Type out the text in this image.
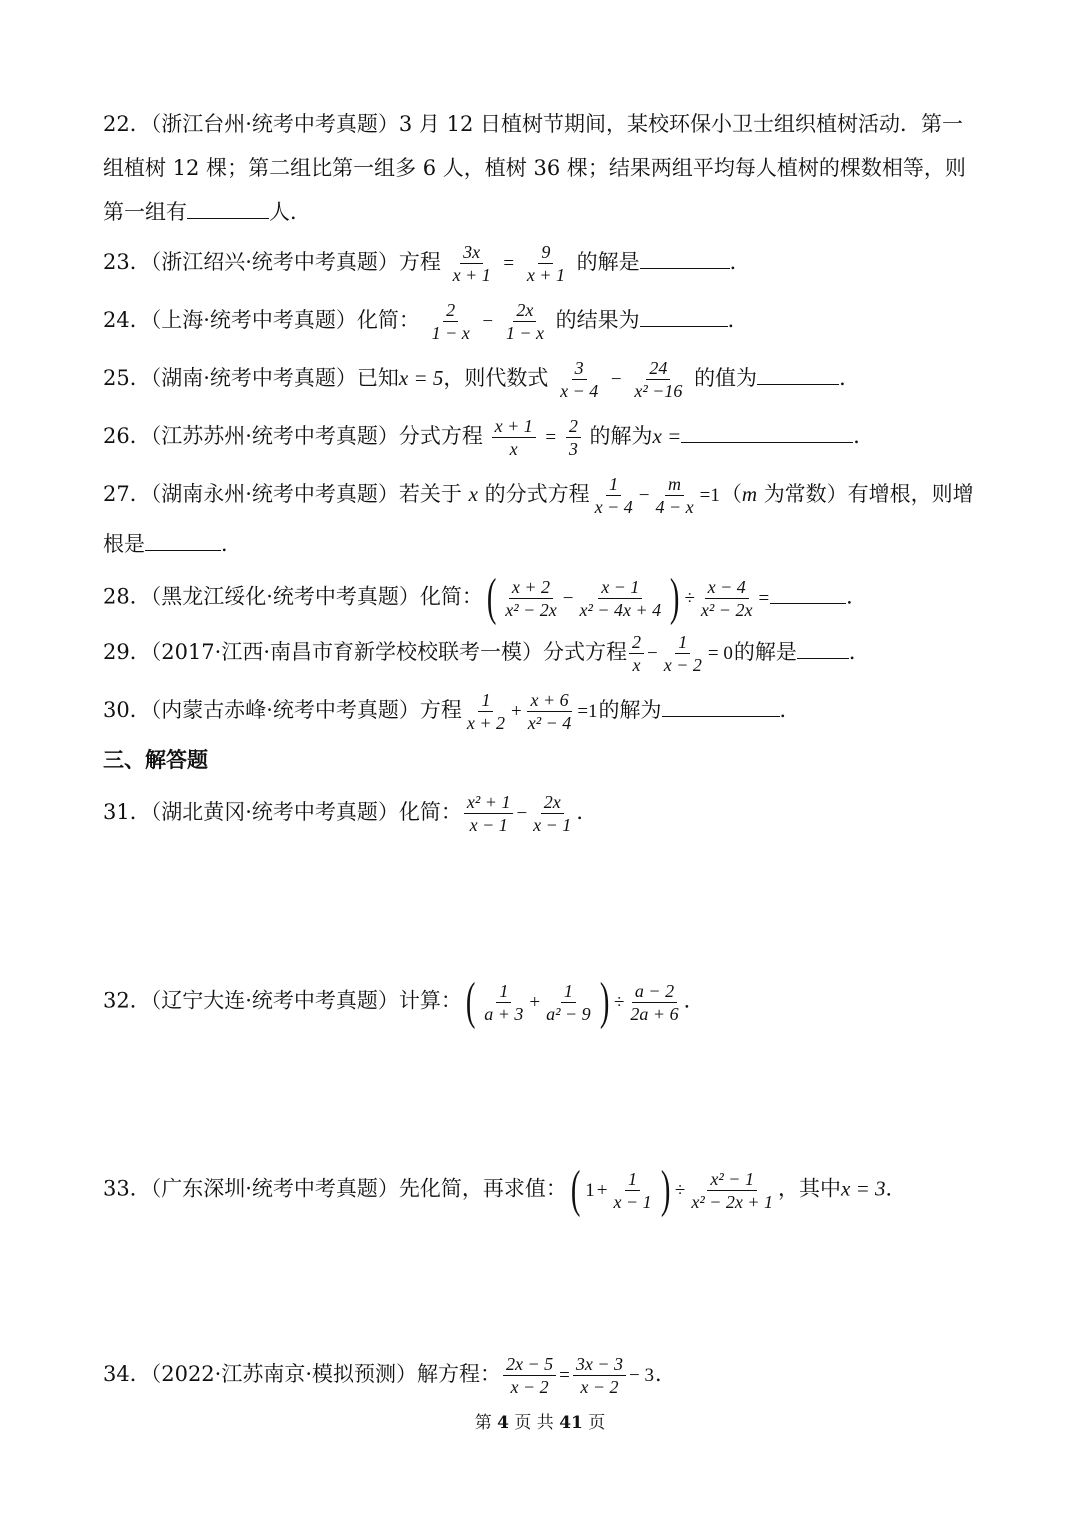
22．（浙江台州·统考中考真题）3 月 12 日植树节期间，某校环保小卫士组织植树活动．第一
组植树 12 棵；第二组比第一组多 6 人，植树 36 棵；结果两组平均每人植树的棵数相等，则
第一组有	人．
23．（浙江绍兴·统考中考真题）方程 $\frac{3x}{x + 1} = \frac{9}{x + 1}$ 的解是	．
24．（上海·统考中考真题）化简： $\frac{2}{1 - x} - \frac{2x}{1 - x}$ 的结果为	．
25．（湖南·统考中考真题）已知x = 5，则代数式 $\frac{3}{x - 4} - \frac{24}{\text{x² −16}}$ 的值为	．
26．（江苏苏州·统考中考真题）分式方程 $\frac{x + 1}{x} = \frac{2}{3}$ 的解为x =	．
27．（湖南永州·统考中考真题）若关于 x 的分式方程 $\frac{1}{x - 4} - \frac{m}{4 - x} =1(m$ 为常数）有增根，则增
根是	．
28．（黑龙江绥化·统考中考真题）化简：( $\frac{x + 2}{\text{x² − 2x}} - \frac{x - 1}{\text{x² − 4x + 4}}$ ) ÷ $\frac{x - 4}{\text{x² − 2x}}$ =	．
29．（2017·江西·南昌市育新学校校联考一模）分式方程 $\frac{2}{x} - \frac{1}{x - 2} = 0$的解是 ．
30．（内蒙古赤峰·统考中考真题）方程 $\frac{1}{x + 2} + \frac{x + 6}{\text{x² − 4}} =1$的解为	．
三、解答题
31．（湖北黄冈·统考中考真题）化简： $\frac{\text{x² + 1}}{x - 1} - \frac{2x}{x - 1}$ ．
32．（辽宁大连·统考中考真题）计算：( $\frac{1}{a + 3} + \frac{1}{\text{a² − 9}}$ ) ÷ $\frac{a - 2}{2a + 6}$ ．
33．（广东深圳·统考中考真题）先化简，再求值：( $1 + \frac{1}{x - 1}$ ) ÷ $\frac{\text{x² − 1}}{\text{x² − 2x + 1}}$ ，其中x = 3．
34．（2022·江苏南京·模拟预测）解方程： $\frac{2x - 5}{x - 2} = \frac{3x - 3}{x - 2} - 3$．
第 4 页 共 41 页
